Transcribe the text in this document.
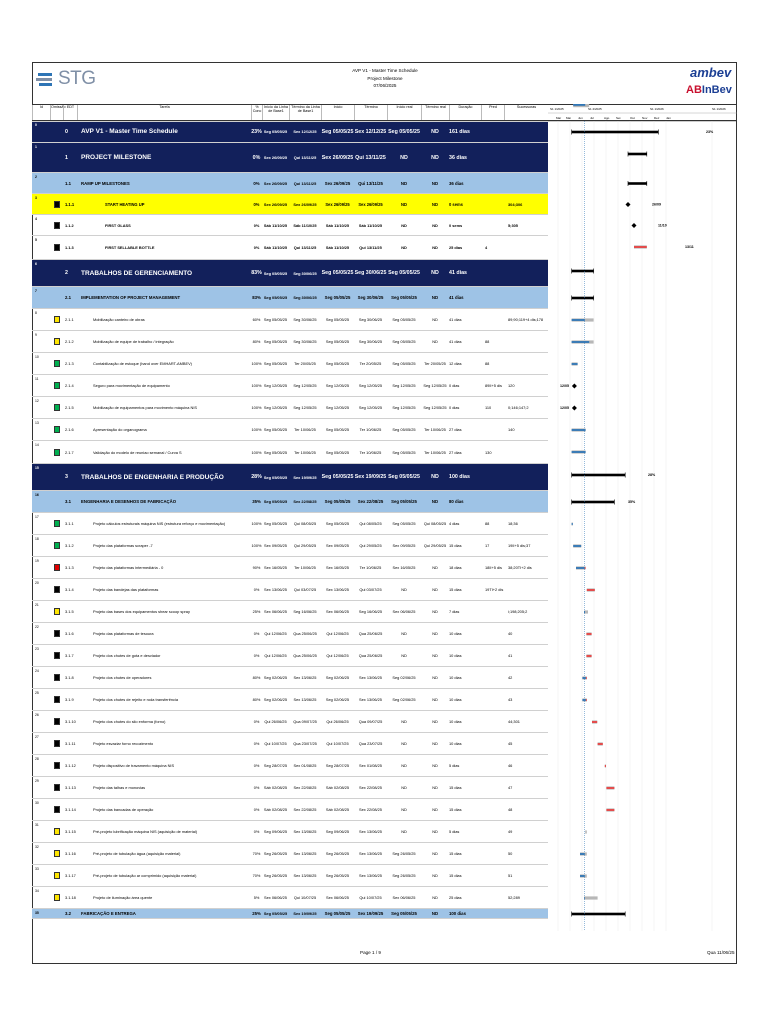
STG	AVP V1 - Master Time Schedule
Project Milestone
07/06/2025
ambev
ABInBev
Id	Omissão EDT	Tarefa	% Conc
Início da Linha de Base1
Término da Linha de Base1
Início	Término	Início real	Término real	Duração	Pred	Sucessoras
0
0	AVP V1 - Master Time Schedule	23% Seg 05/05/25	Sex 12/12/25 Seg 05/05/25 Sex 12/12/25 Seg 05/05/25	ND	161 dias
1
1	PROJECT MILESTONE	0% Sex 26/09/25	Qui 13/11/25	Sex 26/09/25 Qui 13/11/25	ND	ND	36 dias
2
1.1	RAMP UP MILESTONES	0%	Sex 26/09/25	Qui 13/11/25	Sex 26/09/25	Qui 13/11/25	ND	ND	36 dias
3
1.1.1	START HEATING UP	0%	Sex 26/09/25	Sex 26/09/25	Sex 26/09/25	Sex 26/09/25	ND	ND	0 sems	304;306
4
1.1.2	FIRST GLASS	0%	Sáb 11/10/25	Sáb 11/10/25	Sáb 11/10/25	Sáb 11/10/25	ND	ND	0 sems	5;305
5
1.1.3	FIRST SELLABLE BOTTLE	0%	Sáb 11/10/25	Qui 13/11/25	Sáb 11/10/25	Qui 13/11/25	ND	ND	25 dias	4
6
2	TRABALHOS DE GERENCIAMENTO	83% Seg 05/05/25	Seg 30/06/25 Seg 05/05/25 Seg 30/06/25 Seg 05/05/25	ND	41 dias
7
2.1	IMPLEMENTATION OF PROJECT MANAGEMENT	83% Seg 05/05/25	Seg 30/06/25	Seg 05/05/25	Seg 30/06/25	Seg 05/05/25	ND	41 dias
8
2.1.1	Mobilização canteiro de obras	60% Seg 05/05/25	Seg 30/06/25	Seg 05/05/25	Seg 30/06/25	Seg 05/05/25	ND	41 dias	89;90;119+4 dis;178
9
2.1.2	Mobilização de equipe de trabalho / integração	80% Seg 05/05/25	Seg 30/06/25	Seg 05/05/25	Seg 30/06/25	Seg 05/05/25	ND	41 dias	88
10
2.1.3	Contabilização de estoque (hand over EMHART-AMBEV)	100% Seg 05/05/25	Ter 20/05/25	Seg 05/05/25	Ter 20/05/25	Seg 05/05/25	Ter 20/05/25 12 dias	88
11
2.1.4	Seguro para movimentação de equipamento	100% Seg 12/05/25	Seg 12/05/25	Seg 12/05/25	Seg 12/05/25	Seg 12/05/25	Seg 12/05/25 0 dias	89II+5 dis	120
12
2.1.5	Mobilização de equipamentos para movimento máquina NIS	100% Seg 12/05/25	Seg 12/05/25	Seg 12/05/25	Seg 12/05/25	Seg 12/05/25	Seg 12/05/25 0 dias	110	0;146;147;2
13
2.1.6	Apresentação do organograma	100% Seg 05/05/25	Ter 10/06/25	Seg 05/05/25	Ter 10/06/25	Seg 05/05/25	Ter 10/06/25 27 dias	140
14
2.1.7	Validação do modelo de reuniao semanal / Curva S	100% Seg 05/05/25	Ter 10/06/25	Seg 05/05/25	Ter 10/06/25	Seg 05/05/25	Ter 10/06/25 27 dias	130
15
3	TRABALHOS DE ENGENHARIA E PRODUÇÃO	28% Seg 05/05/25	Sex 19/09/25 Seg 05/05/25 Sex 19/09/25 Seg 05/05/25	ND	100 dias
16
3.1	ENGENHARIA E DESENHOS DE FABRICAÇÃO	35% Seg 05/05/25	Sex 22/08/25	Seg 05/05/25	Sex 22/08/25	Seg 05/05/25	ND	80 dias
17
3.1.1	Projeto cálculos estruturais máquina NIS (estrutura reforço e movimentação)	100% Seg 05/05/25	Qui 08/05/25	Seg 05/05/25	Qui 08/05/25	Seg 05/05/25	Qui 08/05/25 4 dias	88	18;36
18
3.1.2	Projeto das plataformas scraper -7	100% Sex 09/05/25	Qui 29/05/25	Sex 09/05/25	Qui 29/05/25	Sex 09/05/25	Qui 29/05/25 15 dias	17	19II+5 dis;37
19
3.1.3	Projeto das plataformas intermediária - 0	90% Sex 16/05/25	Ter 10/06/25	Sex 16/05/25	Ter 10/06/25	Sex 16/05/25	ND	18 dias	18II+5 dis	38;20TI+2 dis
20
3.1.4	Projeto das bandejas das plataformas	0%	Sex 13/06/25	Qui 03/07/25	Sex 13/06/25	Qui 03/07/25	ND	ND	15 dias	19TI+2 dis
21
3.1.5	Projeto das bases dos equipamentos shear scoop spray	25% Sex 06/06/25	Seg 16/06/25	Sex 06/06/25	Seg 16/06/25	Sex 06/06/25	ND	7 dias	i;198;205;2
22
3.1.6	Projeto das plataformas de tesoura	0%	Qui 12/06/25	Qua 25/06/25	Qui 12/06/25	Qua 25/06/25	ND	ND	10 dias	40
23
3.1.7	Projeto dos chutes de gota e desviador	0%	Qui 12/06/25	Qua 25/06/25	Qui 12/06/25	Qua 25/06/25	ND	ND	10 dias	41
24
3.1.8	Projeto dos chutes de operadores	80% Seg 02/06/25	Sex 13/06/25	Seg 02/06/25	Sex 13/06/25	Seg 02/06/25	ND	10 dias	42
25
3.1.9	Projeto dos chutes de rejeito e roda transferência	80% Seg 02/06/25	Sex 13/06/25	Seg 02/06/25	Sex 13/06/25	Seg 02/06/25	ND	10 dias	43
26
3.1.10	Projeto dos chutes do silo enforma (forno)	0%	Qui 26/06/25	Qua 09/07/25	Qui 26/06/25	Qua 09/07/25	ND	ND	10 dias	44;301
27
3.1.11	Projeto esvaziar forno recozimento	0%	Qui 10/07/25	Qua 23/07/25	Qui 10/07/25	Qua 23/07/25	ND	ND	10 dias	45
28
3.1.12	Projeto dispositivo de travamento máquina NIS	0%	Seg 28/07/25	Sex 01/08/25	Seg 28/07/25	Sex 01/08/25	ND	ND	5 dias	46
29
3.1.13	Projeto das talhas e monovias	0%	Sáb 02/08/25	Sex 22/08/25	Sáb 02/08/25	Sex 22/08/25	ND	ND	15 dias	47
30
3.1.14	Projeto das bancadas de operação	0%	Sáb 02/08/25	Sex 22/08/25	Sáb 02/08/25	Sex 22/08/25	ND	ND	15 dias	48
31
3.1.15	Pré-projeto lubrificação máquina NIS (aquisição de material)	0%	Seg 09/06/25	Sex 13/06/25	Seg 09/06/25	Sex 13/06/25	ND	ND	5 dias	49
32
3.1.16	Pré-projeto de tubulação água (aquisição material)	70% Seg 26/05/25	Sex 13/06/25	Seg 26/05/25	Sex 13/06/25	Seg 26/05/25	ND	15 dias	50
33
3.1.17	Pré-projeto de tubulação ar comprimido (aquisição material)	70% Seg 26/05/25	Sex 13/06/25	Seg 26/05/25	Sex 13/06/25	Seg 26/05/25	ND	15 dias	51
34
3.1.18	Projeto de iluminação área quente	5%	Sex 06/06/25	Qui 10/07/25	Sex 06/06/25	Qui 10/07/25	Sex 06/06/25	ND	25 dias	52;289
35	3.2	FABRICAÇÃO E ENTREGA	25% Seg 05/05/25	Sex 19/09/25	Seg 05/05/25	Sex 19/09/25	Seg 05/05/25	ND	100 dias
S1 1/2025	S1 2/2025	S1 1/2026	S1 1/2026
Mar Mai Jun Jul	Ago Set	Out Nov Dez Jan
23%
26/09
11/10
13/11
12/05
12/05
28%
35%
Page 1 / 9	Qua 11/06/25
